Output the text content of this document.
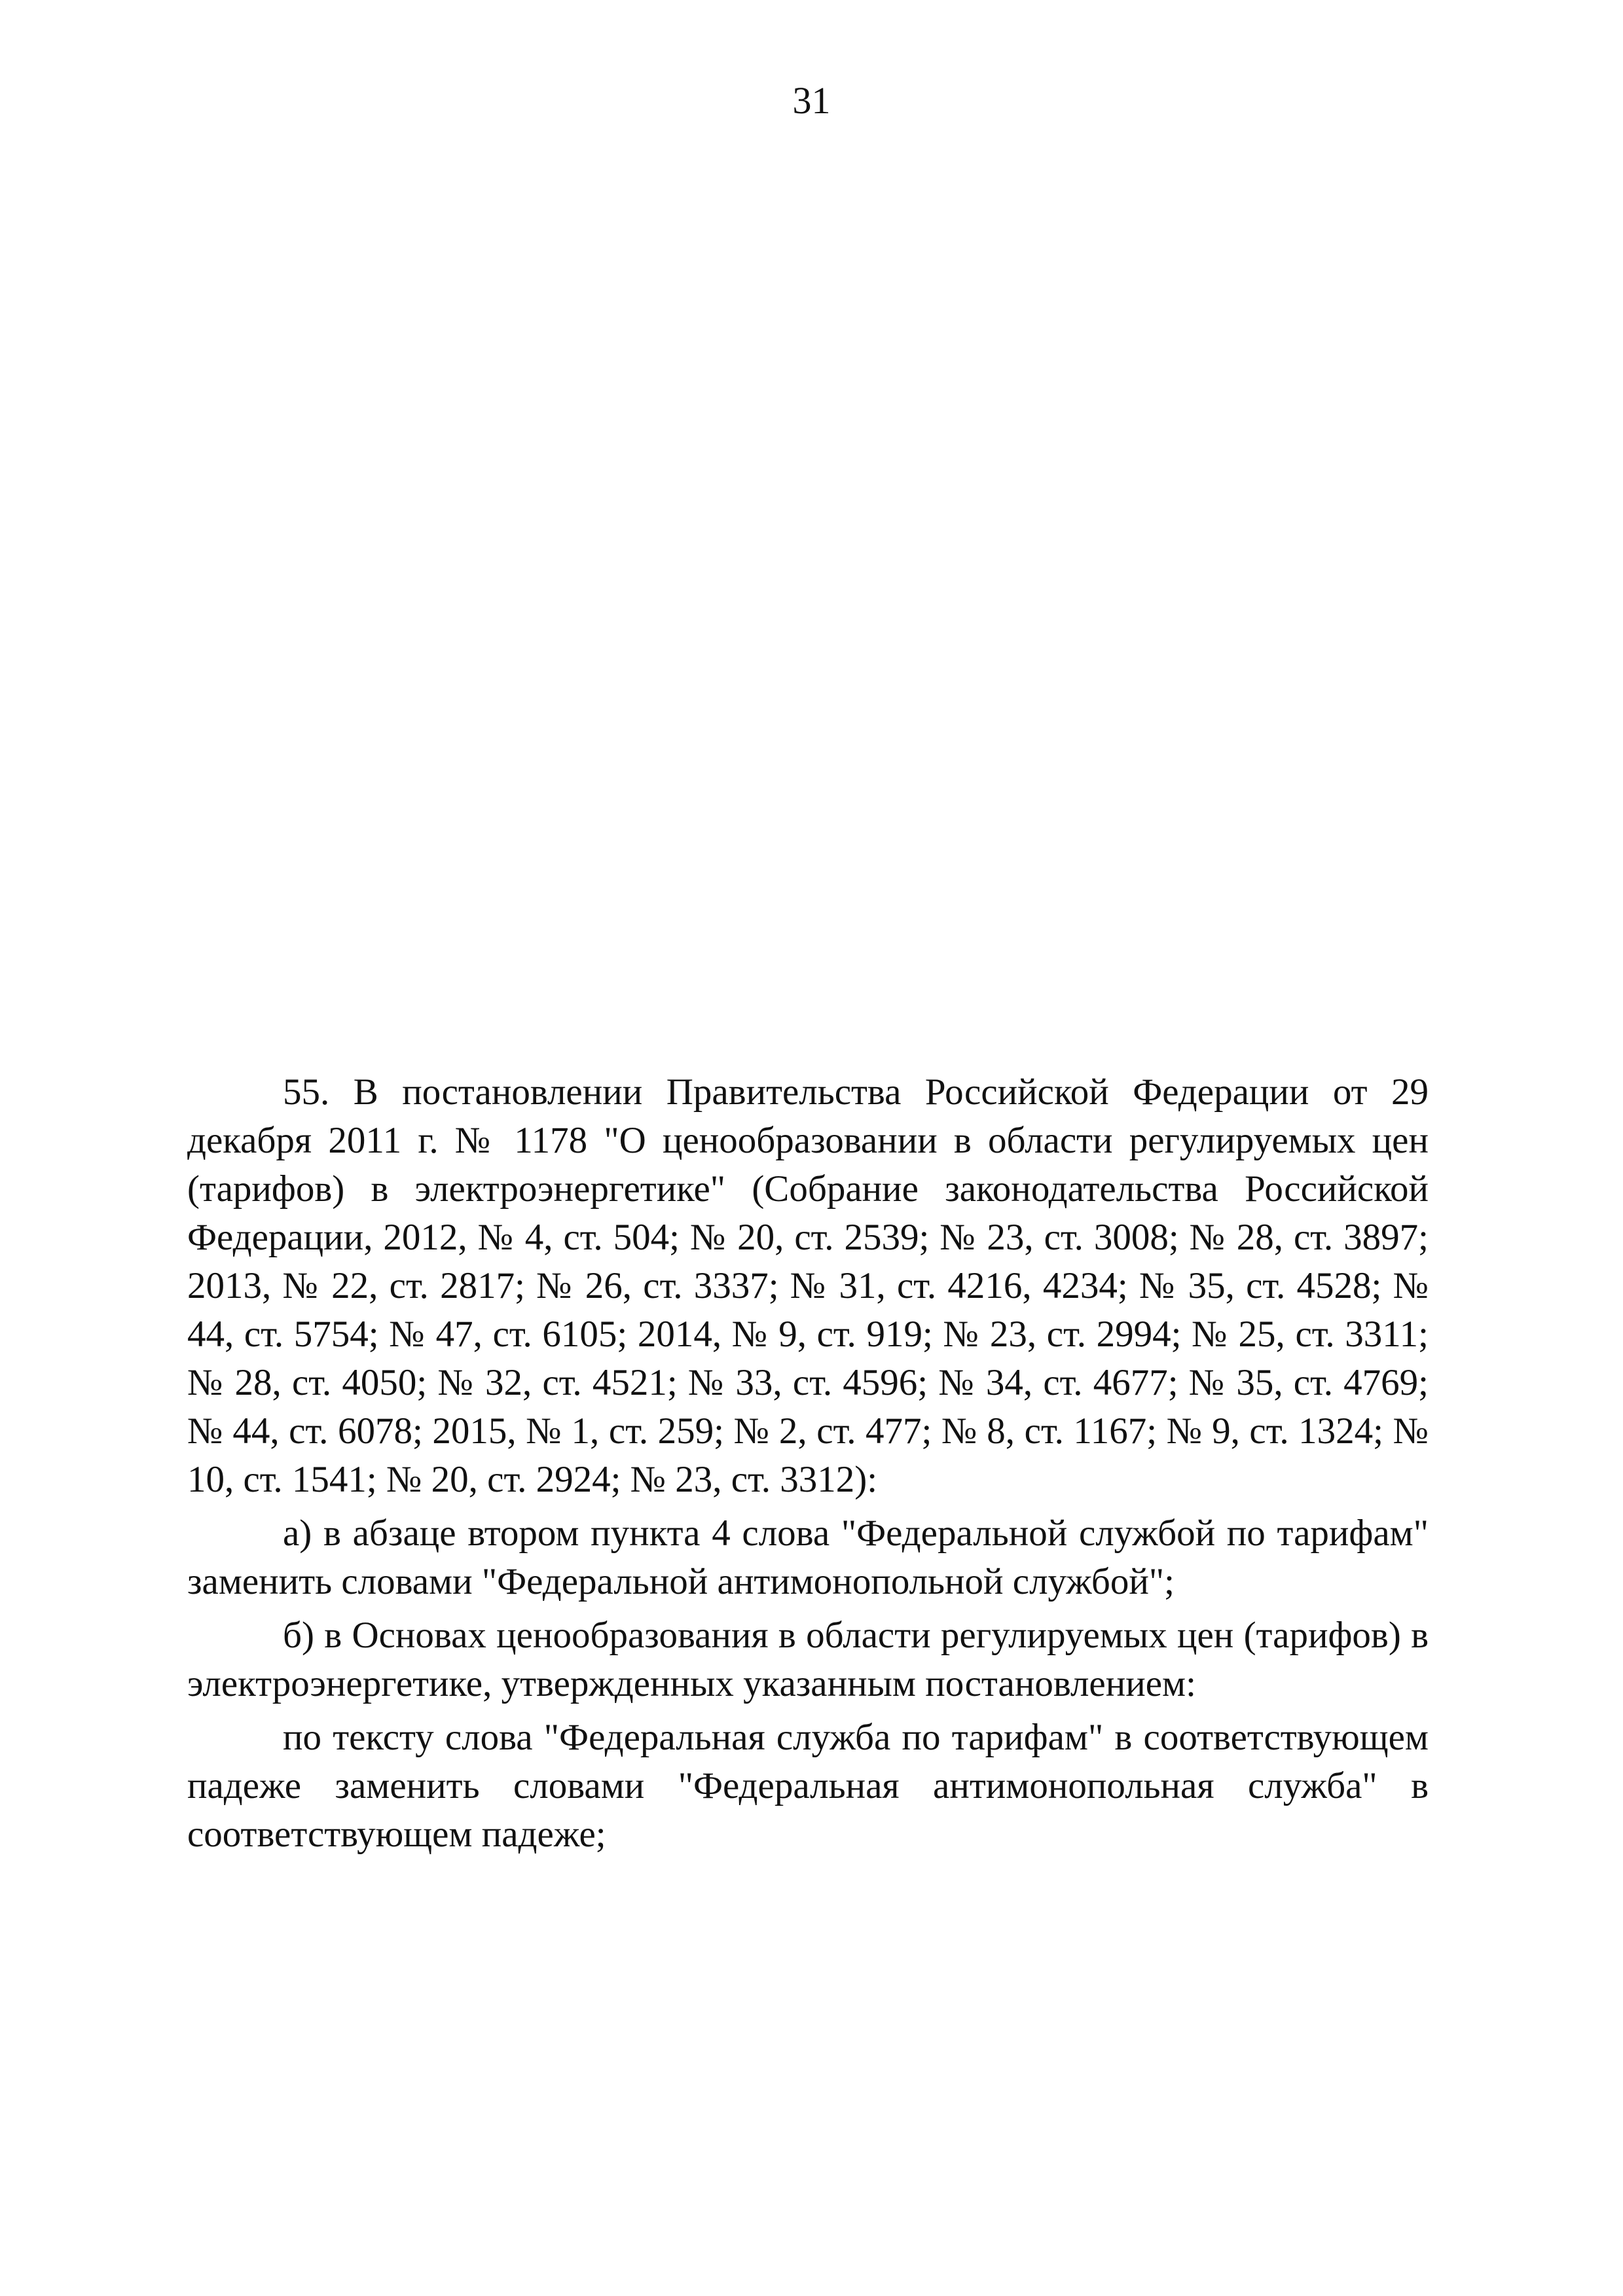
31

55. В постановлении Правительства Российской Федерации от 29 декабря 2011 г. № 1178 "О ценообразовании в области регулируемых цен (тарифов) в электроэнергетике" (Собрание законодательства Российской Федерации, 2012, № 4, ст. 504; № 20, ст. 2539; № 23, ст. 3008; № 28, ст. 3897; 2013, № 22, ст. 2817; № 26, ст. 3337; № 31, ст. 4216, 4234; № 35, ст. 4528; № 44, ст. 5754; № 47, ст. 6105; 2014, № 9, ст. 919; № 23, ст. 2994; № 25, ст. 3311; № 28, ст. 4050; № 32, ст. 4521; № 33, ст. 4596; № 34, ст. 4677; № 35, ст. 4769; № 44, ст. 6078; 2015, № 1, ст. 259; № 2, ст. 477; № 8, ст. 1167; № 9, ст. 1324; № 10, ст. 1541; № 20, ст. 2924; № 23, ст. 3312):

а) в абзаце втором пункта 4 слова "Федеральной службой по тарифам" заменить словами "Федеральной антимонопольной службой";

б) в Основах ценообразования в области регулируемых цен (тарифов) в электроэнергетике, утвержденных указанным постановлением:

по тексту слова "Федеральная служба по тарифам" в соответствующем падеже заменить словами "Федеральная антимонопольная служба" в соответствующем падеже;
